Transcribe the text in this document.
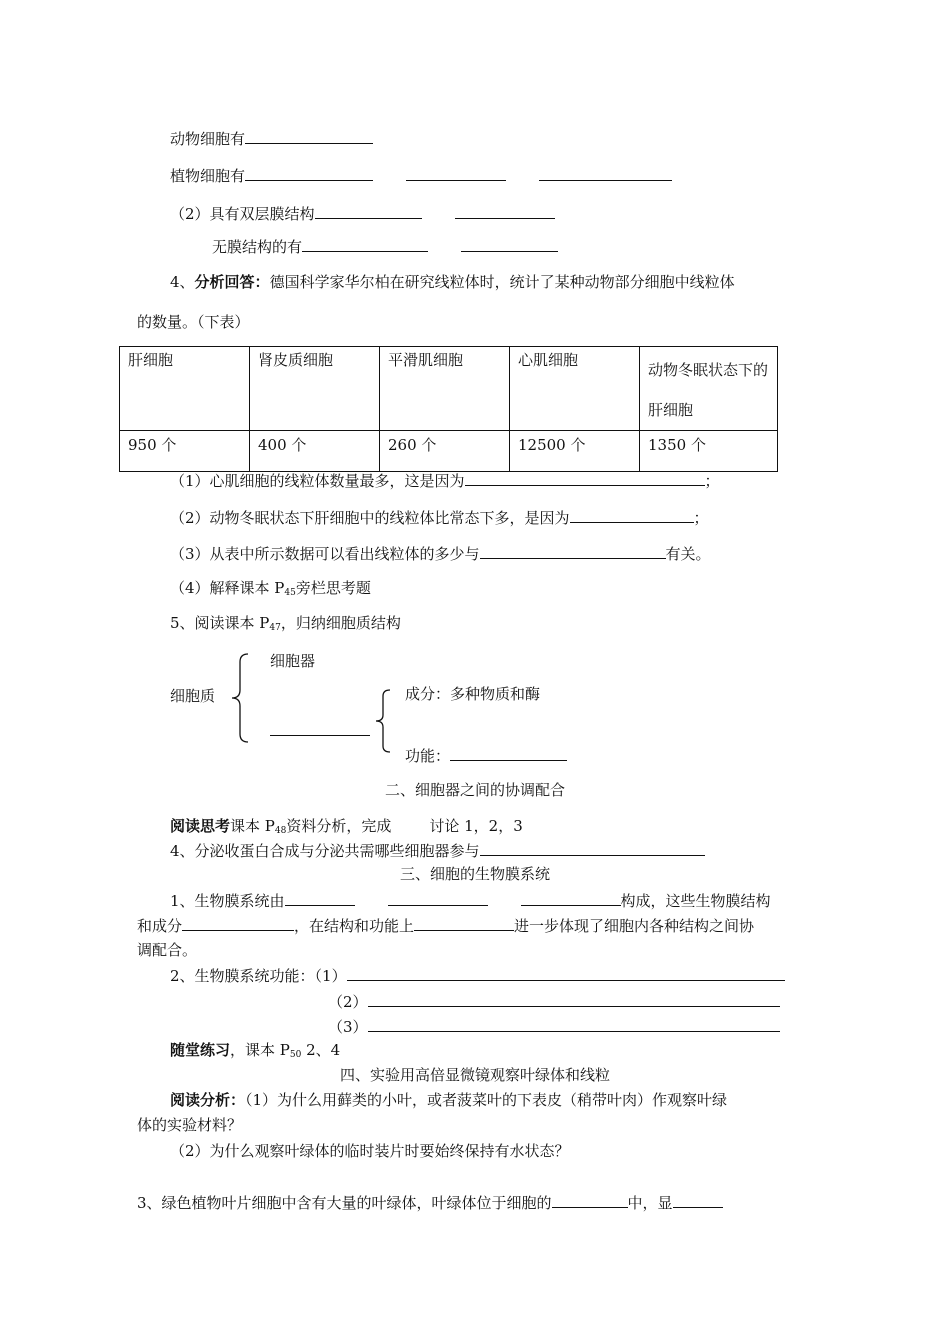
动物细胞有
植物细胞有
（2）具有双层膜结构
无膜结构的有
4、分析回答：德国科学家华尔柏在研究线粒体时，统计了某种动物部分细胞中线粒体
的数量。（下表）
肝细胞	肾皮质细胞	平滑肌细胞	心肌细胞	动物冬眠状态下的肝细胞
950 个	400 个	260 个	12500 个	1350 个
（1）心肌细胞的线粒体数量最多，这是因为	；
（2）动物冬眠状态下肝细胞中的线粒体比常态下多，是因为	；
（3）从表中所示数据可以看出线粒体的多少与	有关。
（4）解释课本 $P_{45}$旁栏思考题
5、阅读课本 $P_{47}$，归纳细胞质结构
细胞器
细胞质	成分：多种物质和酶
功能：
二、细胞器之间的协调配合
阅读思考课本 $P_{48}$资料分析，完成	讨论 1，2，3
4、分泌收蛋白合成与分泌共需哪些细胞器参与
三、细胞的生物膜系统
1、生物膜系统由	构成，这些生物膜结构
和成分	，在结构和功能上	进一步体现了细胞内各种结构之间协
调配合。
2、生物膜系统功能：（1）
（2）
（3）
随堂练习，课本 $P_{50}$ 2、4
四、实验用高倍显微镜观察叶绿体和线粒
阅读分析：（1）为什么用藓类的小叶，或者菠菜叶的下表皮（稍带叶肉）作观察叶绿
体的实验材料？
（2）为什么观察叶绿体的临时装片时要始终保持有水状态？
3、绿色植物叶片细胞中含有大量的叶绿体，叶绿体位于细胞的	中，显
